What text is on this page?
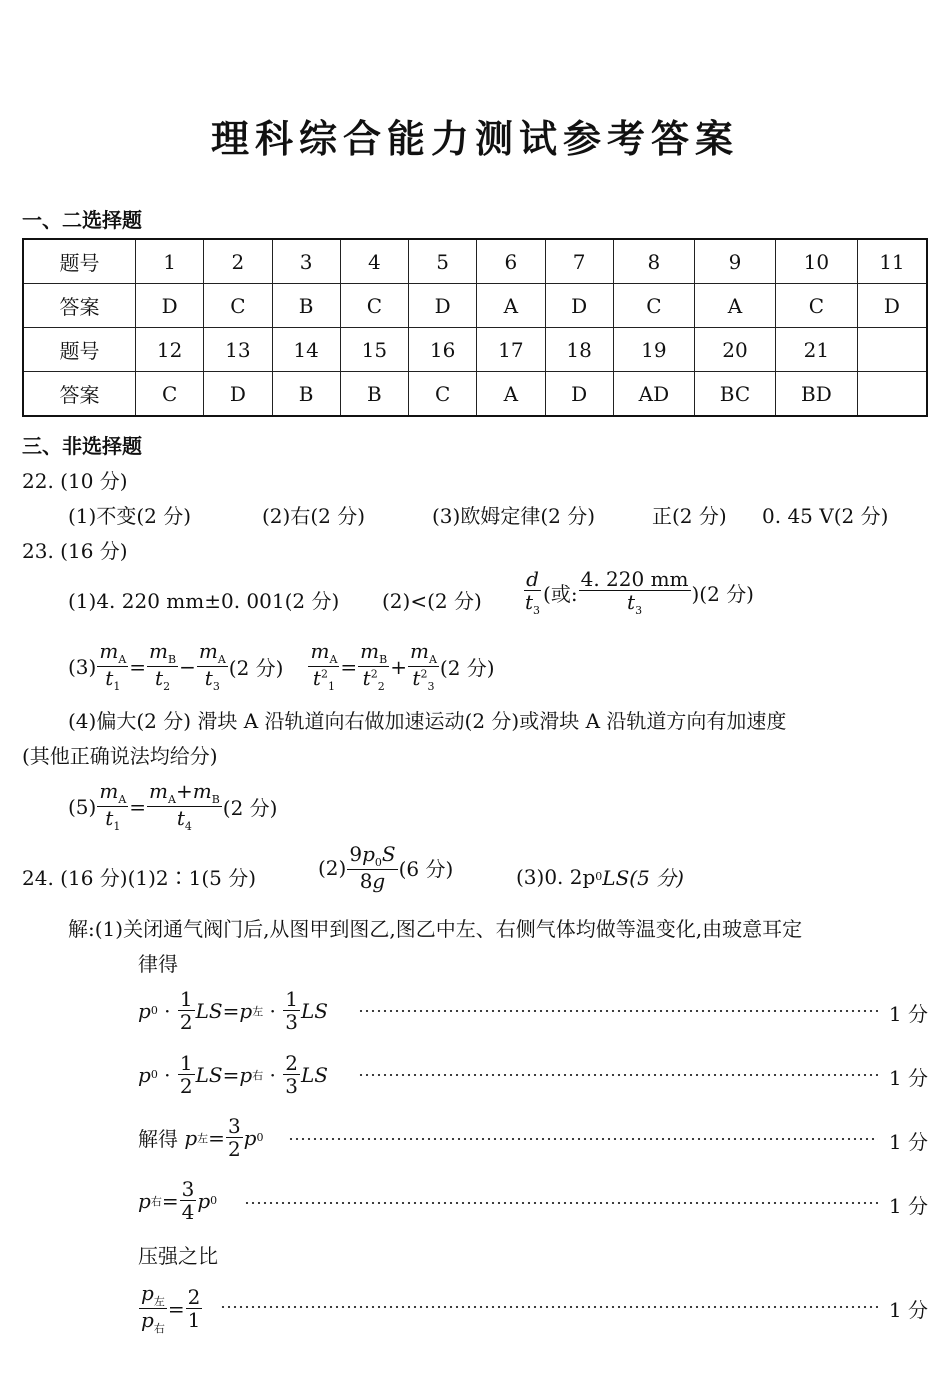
理科综合能力测试参考答案
一、二选择题
题号	1	2	3	4	5	6	7	8	9	10	11
答案	D	C	B	C	D	A	D	C	A	C	D
题号	12	13	14	15	16	17	18	19	20	21	
答案	C	D	B	B	C	A	D	AD	BC	BD	
三、非选择题
22. (10 分)
(1)不变(2 分)	(2)右(2 分)	(3)欧姆定律(2 分)	正(2 分) 0. 45 V(2 分)
23. (16 分)
(1)4. 220 mm±0. 001(2 分) (2)<(2 分) $\frac{d}{t_3}$ (或: $\frac{4. 220 mm}{t_3} )(2$ 分)
$(3) \frac{m_A}{t_1} = \frac{m_B}{t_2} - \frac{m_A}{t_3} (2$ 分) $\frac{m_A}{t^2_1} = \frac{m_B}{t^2_2} + \frac{m_A}{t^2_3} (2$ 分)
(4)偏大(2 分) 滑块 A 沿轨道向右做加速运动(2 分)或滑块 A 沿轨道方向有加速度
(其他正确说法均给分)
$(5) \frac{m_A}{t_1} = \frac{m_A+m_B}{t_4} (2$ 分)
24. (16 分)(1)2∶1(5 分)	$(2) \frac{9p_0S}{8g} (6$ 分)	(3)0. 2p 0 LS(5 分)
解:(1)关闭通气阀门后,从图甲到图乙,图乙中左、右侧气体均做等温变化,由玻意耳定
律得
p $0 \cdot \frac{1}{2}$ LS = p 左 · $\frac{1}{3}$ LS	1 分
p $0 \cdot \frac{1}{2}$ LS = p 右 · $\frac{2}{3}$ LS	1 分
解得
p 左 = $\frac{3}{2}$ p 0	1 分
p 右 = $\frac{3}{4}$ p 0	1 分
压强之比
$\frac{p_左}{p_右} = \frac{2}{1}$	1 分
